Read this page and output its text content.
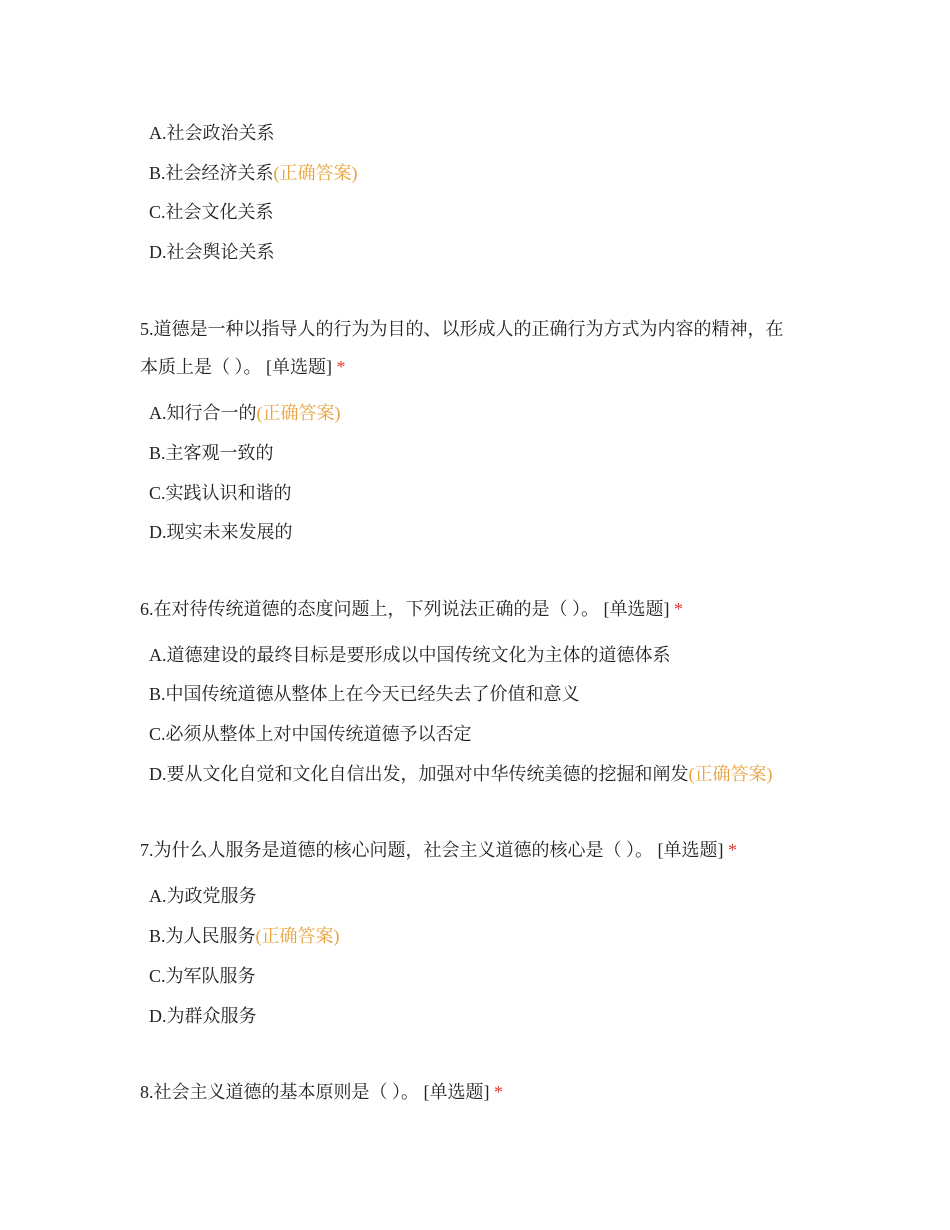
A.社会政治关系
B.社会经济关系(正确答案)
C.社会文化关系
D.社会舆论关系
5.道德是一种以指导人的行为为目的、以形成人的正确行为方式为内容的精神，在
本质上是（ ）。 [单选题] *
A.知行合一的(正确答案)
B.主客观一致的
C.实践认识和谐的
D.现实未来发展的
6.在对待传统道德的态度问题上，下列说法正确的是（ ）。 [单选题] *
A.道德建设的最终目标是要形成以中国传统文化为主体的道德体系
B.中国传统道德从整体上在今天已经失去了价值和意义
C.必须从整体上对中国传统道德予以否定
D.要从文化自觉和文化自信出发，加强对中华传统美德的挖掘和阐发(正确答案)
7.为什么人服务是道德的核心问题，社会主义道德的核心是（ ）。 [单选题] *
A.为政党服务
B.为人民服务(正确答案)
C.为军队服务
D.为群众服务
8.社会主义道德的基本原则是（ ）。 [单选题] *
